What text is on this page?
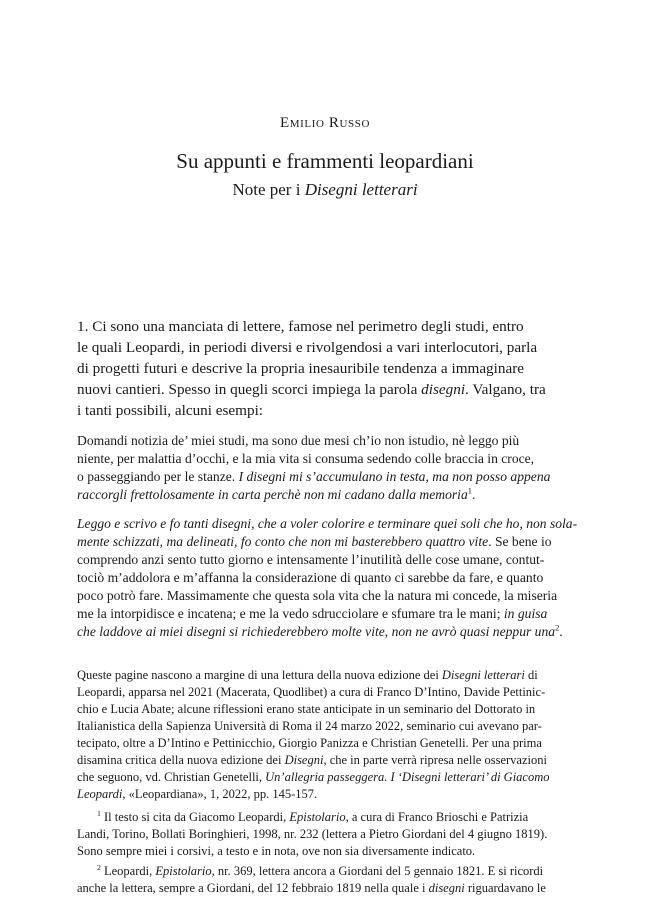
Emilio Russo
Su appunti e frammenti leopardiani
Note per i Disegni letterari
1. Ci sono una manciata di lettere, famose nel perimetro degli studi, entro
le quali Leopardi, in periodi diversi e rivolgendosi a vari interlocutori, parla
di progetti futuri e descrive la propria inesauribile tendenza a immaginare
nuovi cantieri. Spesso in quegli scorci impiega la parola disegni. Valgano, tra
i tanti possibili, alcuni esempi:
Domandi notizia de’ miei studi, ma sono due mesi ch’io non istudio, nè leggo più
niente, per malattia d’occhi, e la mia vita si consuma sedendo colle braccia in croce,
o passeggiando per le stanze. I disegni mi s’accumulano in testa, ma non posso appena
raccorgli frettolosamente in carta perchè non mi cadano dalla memoria$^1$.
Leggo e scrivo e fo tanti disegni, che a voler colorire e terminare quei soli che ho, non sola-
mente schizzati, ma delineati, fo conto che non mi basterebbero quattro vite. Se bene io
comprendo anzi sento tutto giorno e intensamente l’inutilità delle cose umane, contut-
tociò m’addolora e m’affanna la considerazione di quanto ci sarebbe da fare, e quanto
poco potrò fare. Massimamente che questa sola vita che la natura mi concede, la miseria
me la intorpidisce e incatena; e me la vedo sdrucciolare e sfumare tra le mani; in guisa
che laddove ai miei disegni si richiederebbero molte vite, non ne avrò quasi neppur una$^2$.
Queste pagine nascono a margine di una lettura della nuova edizione dei Disegni letterari di
Leopardi, apparsa nel 2021 (Macerata, Quodlibet) a cura di Franco D’Intino, Davide Pettinic-
chio e Lucia Abate; alcune riflessioni erano state anticipate in un seminario del Dottorato in
Italianistica della Sapienza Università di Roma il 24 marzo 2022, seminario cui avevano par-
tecipato, oltre a D’Intino e Pettinicchio, Giorgio Panizza e Christian Genetelli. Per una prima
disamina critica della nuova edizione dei Disegni, che in parte verrà ripresa nelle osservazioni
che seguono, vd. Christian Genetelli, Un’allegria passeggera. I ‘Disegni letterari’ di Giacomo
Leopardi, «Leopardiana», 1, 2022, pp. 145-157.
$^1$ Il testo si cita da Giacomo Leopardi, Epistolario, a cura di Franco Brioschi e Patrizia
Landi, Torino, Bollati Boringhieri, 1998, nr. 232 (lettera a Pietro Giordani del 4 giugno 1819).
Sono sempre miei i corsivi, a testo e in nota, ove non sia diversamente indicato.
$^2$ Leopardi, Epistolario, nr. 369, lettera ancora a Giordani del 5 gennaio 1821. E si ricordi
anche la lettera, sempre a Giordani, del 12 febbraio 1819 nella quale i disegni riguardavano le
